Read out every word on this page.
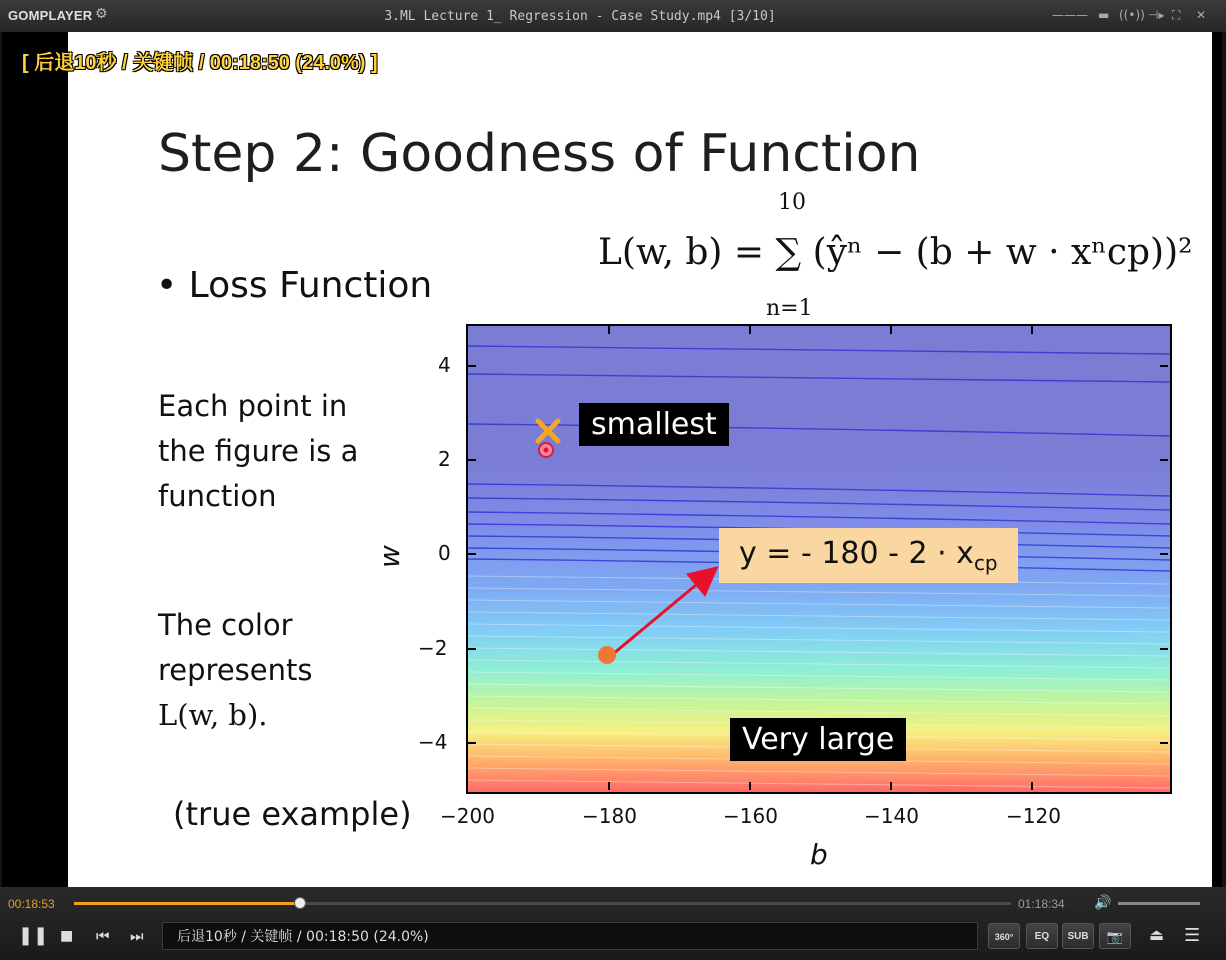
GOMPLAYER ⚙	3.ML Lecture 1_ Regression - Case Study.mp4 [3/10]	——— ▬ ((•)) ⊣▸ ⛶ ✕
Step 2: Goodness of Function
• Loss Function
L(w, b) = ∑ (ŷⁿ − (b + w · xⁿcp))²
10
n=1
Each point in
the figure is a
function
The color
represents
L(w, b).
(true example)
4
2
0
−2
−4
−200	−180	−160	−140	−120
b
w
smallest
y = - $180 - 2 \cdot x_{cp}$
Very large
[ 后退10秒 / 关键帧 / 00:18:50 (24.0%) ]
00:18:53	01:18:34 🔊
❚❚ ■ ⏮ ⏭	后退10秒 / 关键帧 / 00:18:50 (24.0%)	360°	EQ	SUB	📷	⏏ ☰
